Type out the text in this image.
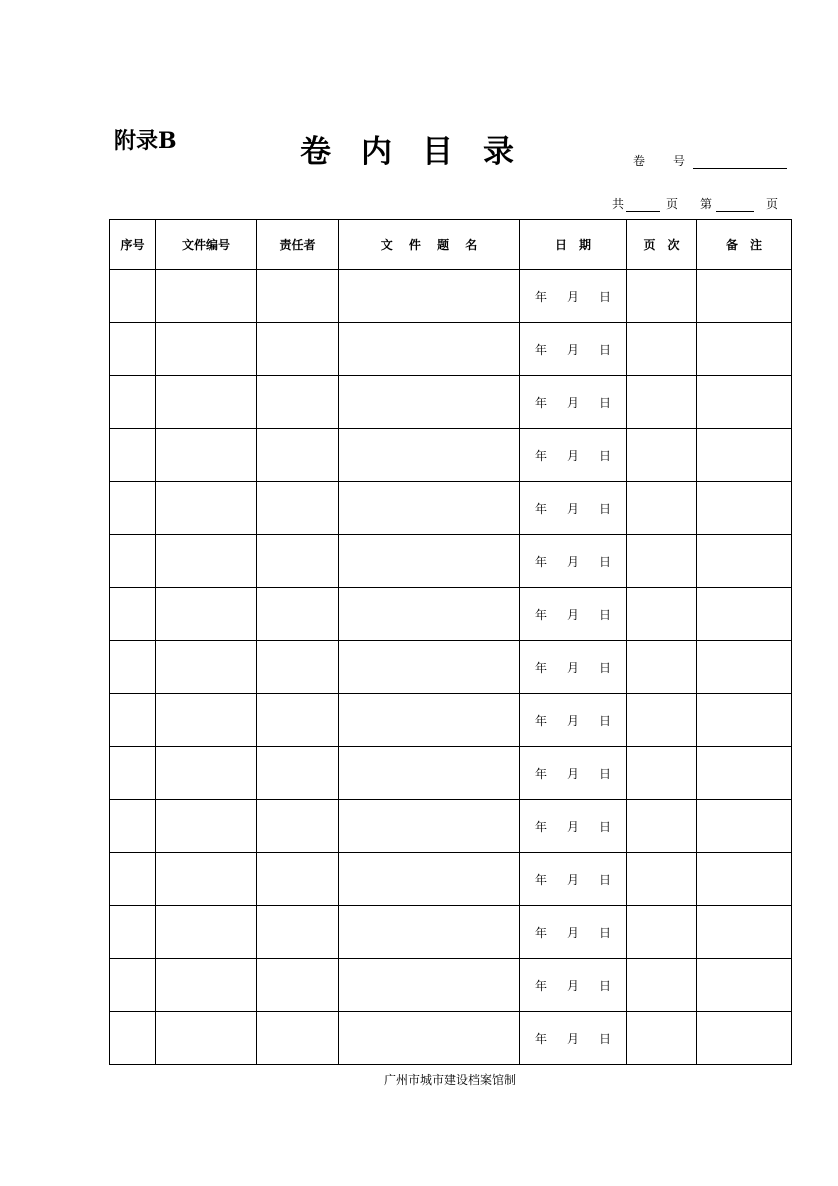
附录B	卷 内 目 录	卷 号
共	页 第	页
序号	文件编号	责任者	文　 件 　题 　名	日　期	页　次	备　注

				年 月 日		

				年 月 日		

				年 月 日		

				年 月 日		

				年 月 日		

				年 月 日		

				年 月 日		

				年 月 日		

				年 月 日		

				年 月 日		

				年 月 日		

				年 月 日		

				年 月 日		

				年 月 日		

				年 月 日		

广州市城市建设档案馆制
